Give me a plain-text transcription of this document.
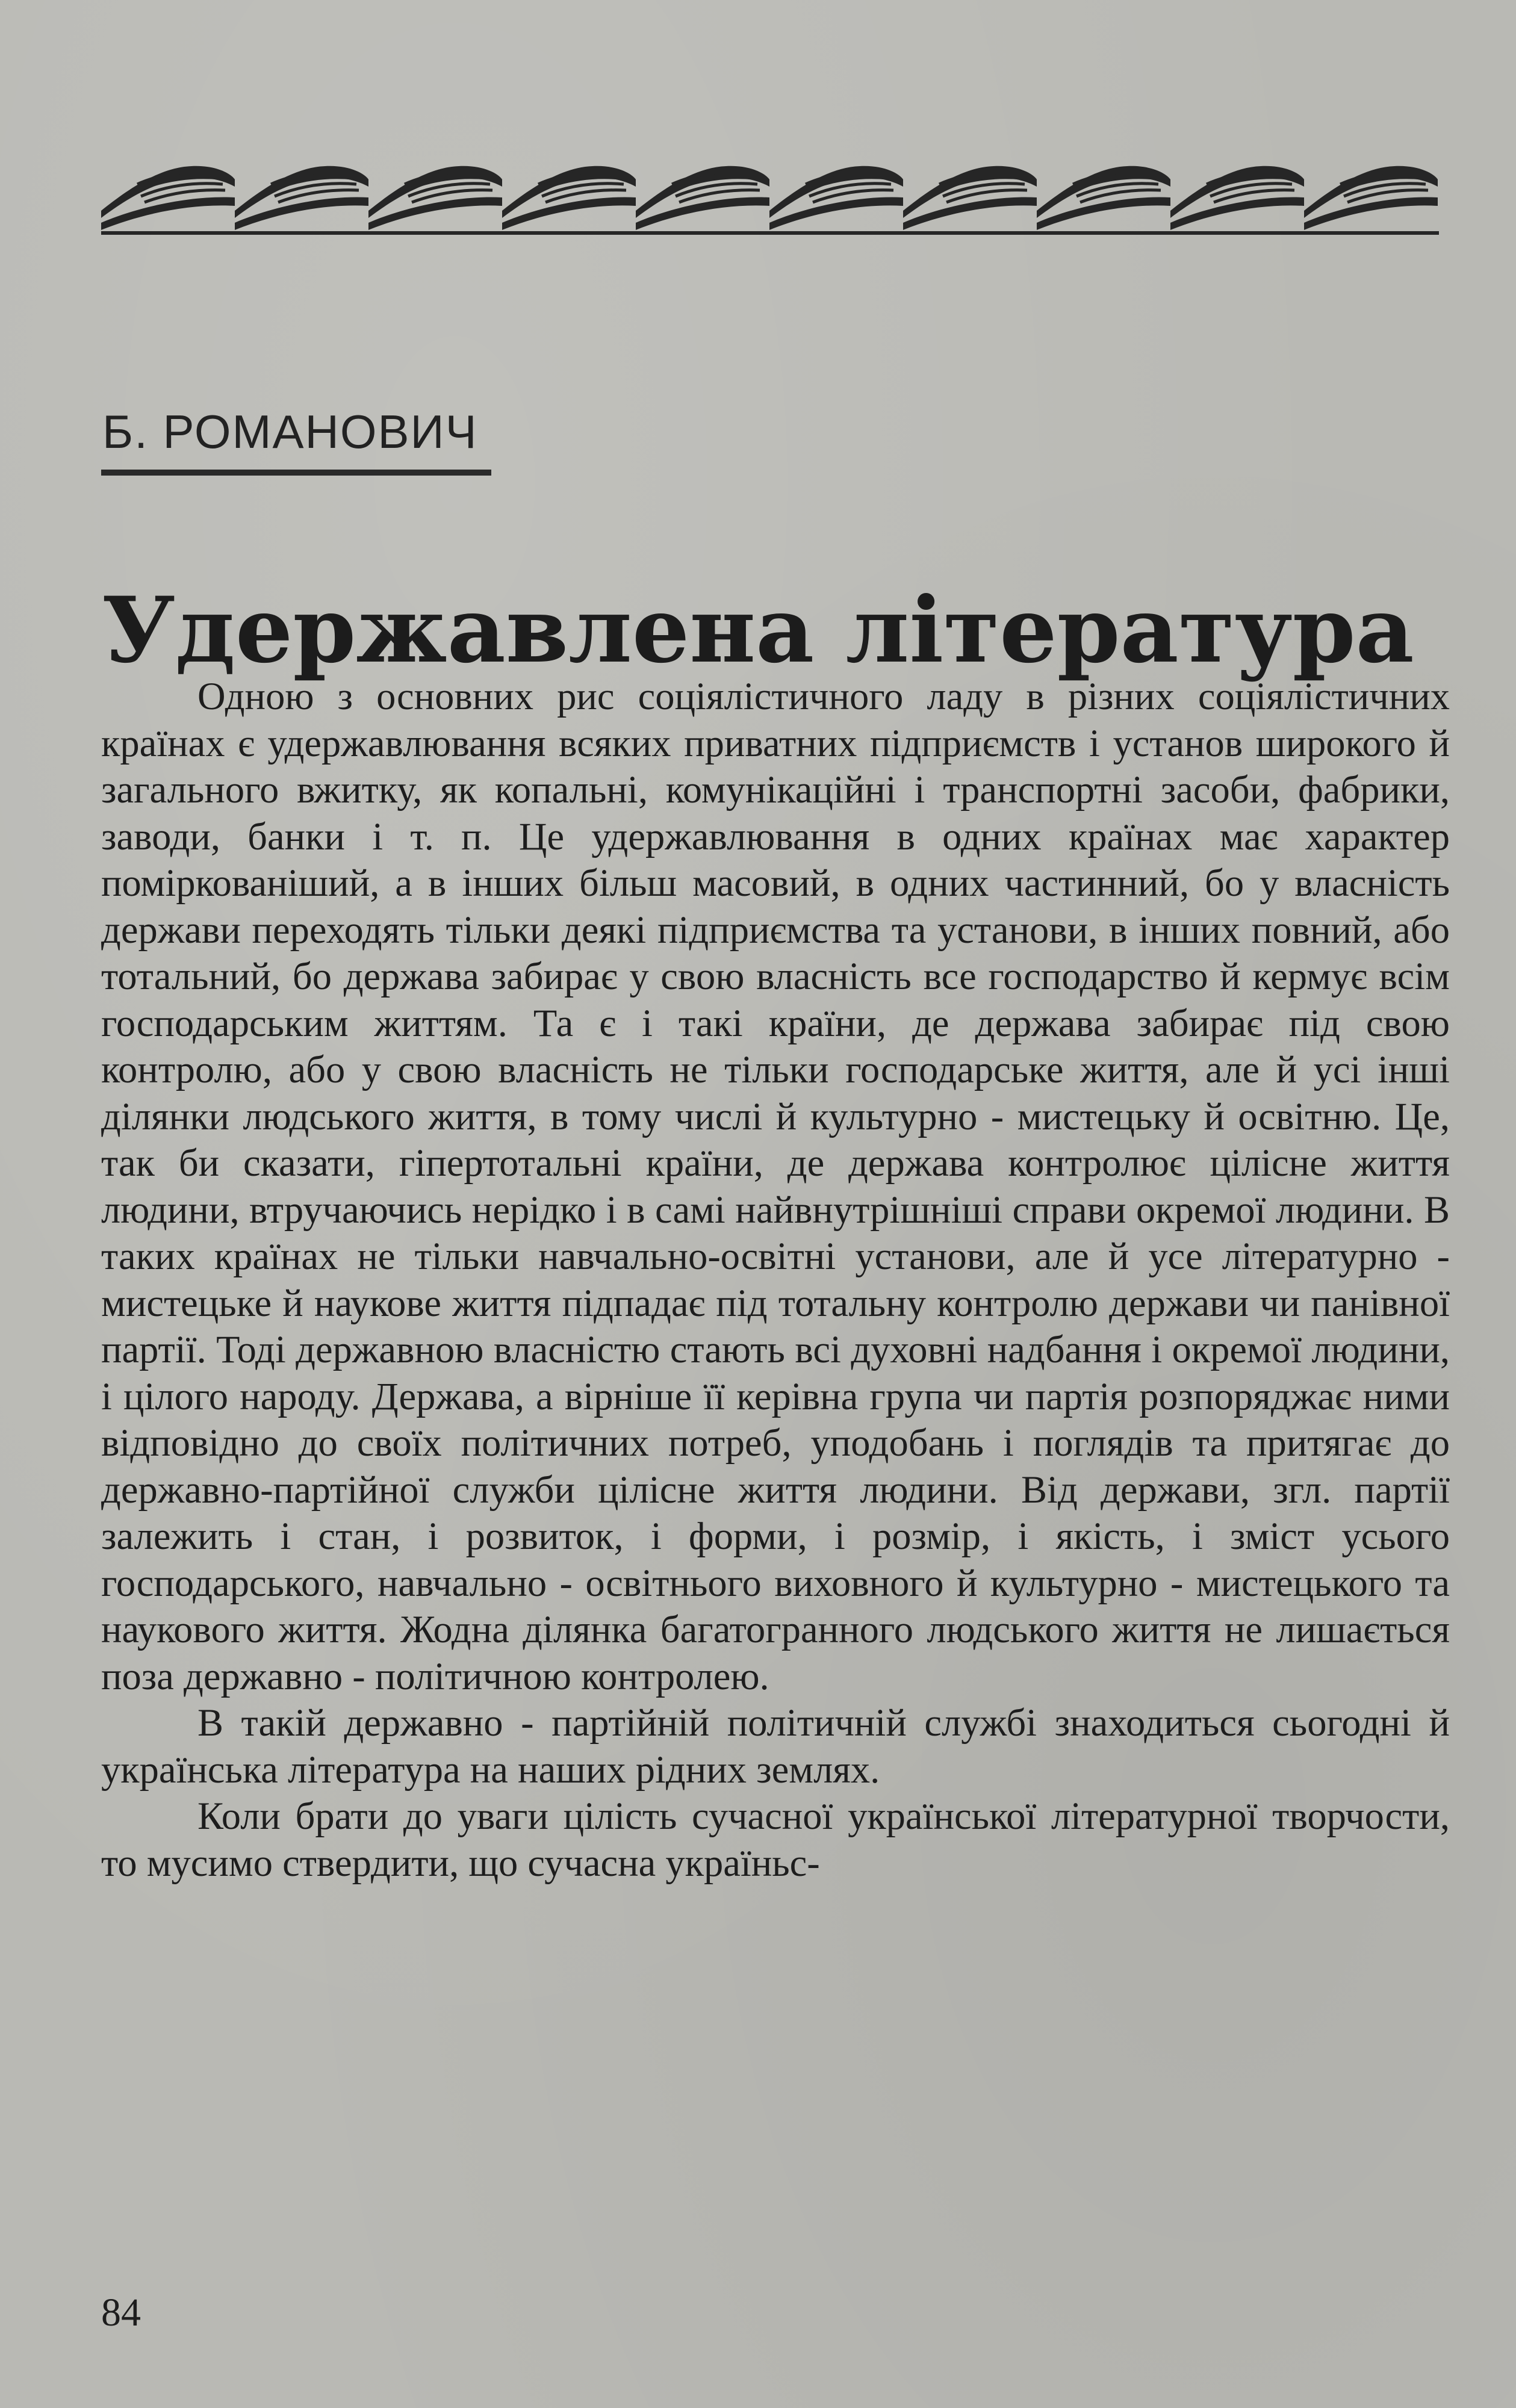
Б. РОМАНОВИЧ
Удержавлена література

Одною з основних рис соціялістичного ладу в різних соціялістичних країнах є удержавлювання всяких приватних підприємств і установ широкого й загального вжитку, як копальні, комунікаційні і транспортні засоби, фабрики, заводи, банки і т. п. Це удержавлювання в одних країнах має характер поміркованіший, а в інших більш масовий, в одних частинний, бо у власність держави переходять тільки деякі підприємства та установи, в інших повний, або тотальний, бо держава забирає у свою власність все господарство й кермує всім господарським життям. Та є і такі країни, де держава забирає під свою контролю, або у свою власність не тільки господарське життя, але й усі інші ділянки людського життя, в тому числі й культурно - мистецьку й освітню. Це, так би сказати, гіпертотальні країни, де держава контролює цілісне життя людини, втручаючись нерідко і в самі найвнутрішніші справи окремої людини. В таких країнах не тільки навчально-освітні установи, але й усе літературно - мистецьке й наукове життя підпадає під тотальну контролю держави чи панівної партії. Тоді державною власністю стають всі духовні надбання і окремої людини, і цілого народу. Держава, а вірніше її керівна група чи партія розпоряджає ними відповідно до своїх політичних потреб, уподобань і поглядів та притягає до державно-партійної служби цілісне життя людини. Від держави, згл. партії залежить і стан, і розвиток, і форми, і розмір, і якість, і зміст усього господарського, навчально - освітнього виховного й культурно - мистецького та наукового життя. Жодна ділянка багатогранного людського життя не лишається поза державно - політичною контролею.

В такій державно - партійній політичній службі знаходиться сьогодні й українська література на наших рідних землях.

Коли брати до уваги цілість сучасної української літературної творчости, то мусимо ствердити, що сучасна україньс-

84
